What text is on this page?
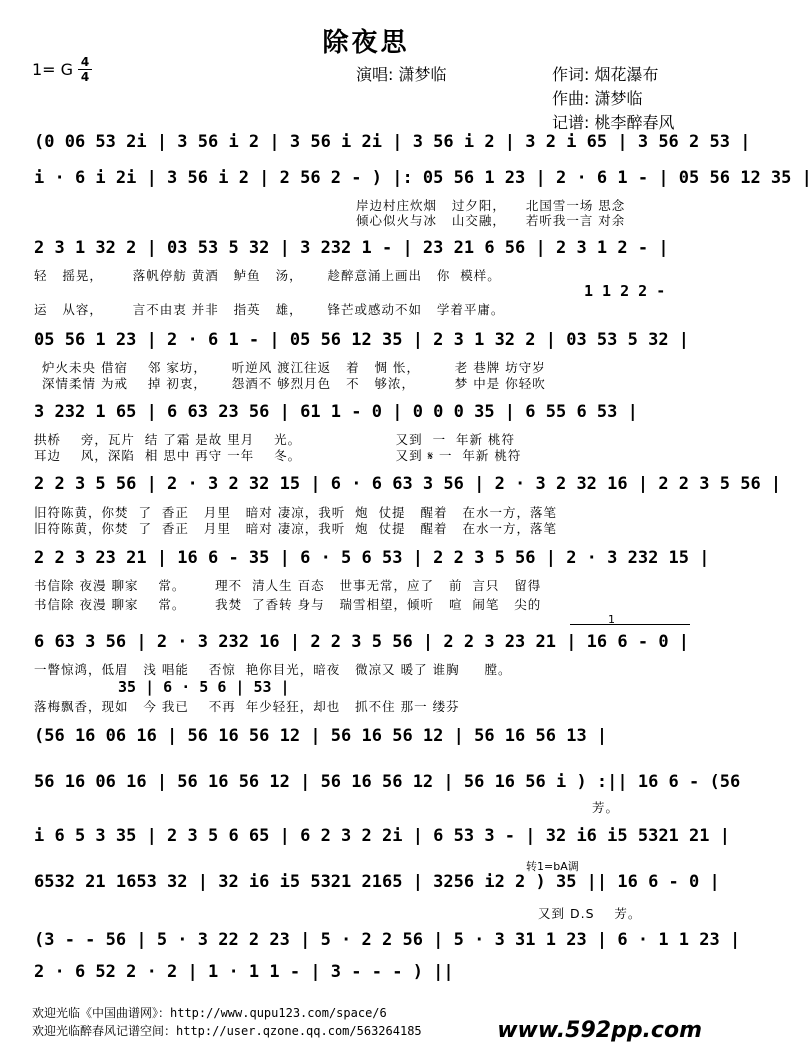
除夜思
1= G 4
4	演唱: 潇梦临	作词: 烟花瀑布
作曲: 潇梦临
记谱: 桃李醉春风
(0 06 53 2i | 3 56 i 2 | 3 56 i 2i | 3 56 i 2 | 3 2 i 65 | 3 56 2 53 |
i · 6 i 2i | 3 56 i 2 | 2 56 2 - ) |: 05 56 1 23 | 2 · 6 1 - | 05 56 12 35 |
岸边村庄炊烟   过夕阳，    北国雪一场 思念
倾心似火与冰   山交融，    若听我一言 对余
2 3 1 32 2 | 03 53 5 32 | 3 232 1 - | 23 21 6 56 | 2 3 1 2 - |
轻   摇晃，      落帆停舫 黄酒   鲈鱼   汤，     趁醉意涌上画出   你  模样。
1 1 2 2 -
运   从容，      言不由衷 并非   指英   雄，     锋芒或感动不如   学着平庸。
05 56 1 23 | 2 · 6 1 - | 05 56 12 35 | 2 3 1 32 2 | 03 53 5 32 |
炉火未央 借宿    邻 家坊，     听逆风 渡江往返   着   惆 怅，       老 巷牌 坊守岁
深情柔情 为戒    掉 初衷，     怨酒不 够烈月色   不   够浓，        梦 中是 你轻吹
3 232 1 65 | 6 63 23 56 | 61 1 - 0 | 0 0 0 35 | 6 55 6 53 |
拱桥    旁，瓦片  结 了霜 是故 里月    光。                   又到  一  年新 桃符
耳边    风，深陷  相 思中 再守 一年    冬。                   又到 𝄋 一  年新 桃符
2 2 3 5 56 | 2 · 3 2 32 15 | 6 · 6 63 3 56 | 2 · 3 2 32 16 | 2 2 3 5 56 |
旧符陈黄，你焚  了  香正   月里   暗对 凄凉，我听  炮  仗提   醒着   在水一方，落笔
旧符陈黄，你焚  了  香正   月里   暗对 凄凉，我听  炮  仗提   醒着   在水一方，落笔
2 2 3 23 21 | 16 6 - 35 | 6 · 5 6 53 | 2 2 3 5 56 | 2 · 3 232 15 |
书信除 夜漫 聊家    常。      理不  清人生 百态   世事无常，应了   前  言只   留得
书信除 夜漫 聊家    常。      我焚  了香转 身与   瑞雪相望，倾听   喧  闹笔   尖的
1
6 63 3 56 | 2 · 3 232 16 | 2 2 3 5 56 | 2 2 3 23 21 | 16 6 - 0 |
一瞥惊鸿，低眉   浅 唱能    否惊  艳你目光，暗夜   微凉又 暖了 谁胸     膛。
35 | 6 · 5 6 | 53 |
落梅飘香，现如   今 我已    不再  年少轻狂，却也   抓不住 那一 缕芬
(56 16 06 16 | 56 16 56 12 | 56 16 56 12 | 56 16 56 13 |
56 16 06 16 | 56 16 56 12 | 56 16 56 12 | 56 16 56 i ) :|| 16 6 - (56
芳。
i 6 5 3 35 | 2 3 5 6 65 | 6 2 3 2 2i | 6 53 3 - | 32 i6 i5 5321 21 |
转1=bA调
6532 21 1653 32 | 32 i6 i5 5321 2165 | 3256 i2 2 ) 35 || 16 6 - 0 |
又到 D.S    芳。
(3 - - 56 | 5 · 3 22 2 23 | 5 · 2 2 56 | 5 · 3 31 1 23 | 6 · 1 1 23 |
2 · 6 52 2 · 2 | 1 · 1 1 - | 3 - - - ) ||
欢迎光临《中国曲谱网》：http://www.qupu123.com/space/6
欢迎光临醉春风记谱空间：http://user.qzone.qq.com/563264185	www.592pp.com
